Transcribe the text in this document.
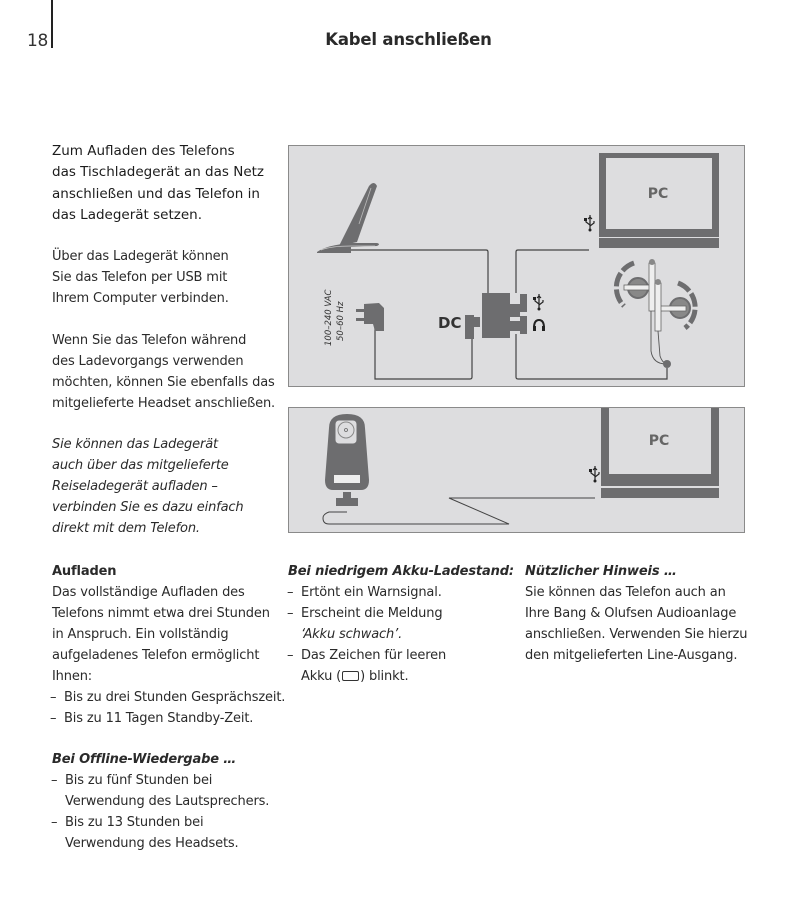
18	Kabel anschließen
Zum Aufladen des Telefons
das Tischladegerät an das Netz
anschließen und das Telefon in
das Ladegerät setzen.
Über das Ladegerät können
Sie das Telefon per USB mit
Ihrem Computer verbinden.
Wenn Sie das Telefon während
des Ladevorgangs verwenden
möchten, können Sie ebenfalls das
mitgelieferte Headset anschließen.
Sie können das Ladegerät
auch über das mitgelieferte
Reiseladegerät aufladen –
verbinden Sie es dazu einfach
direkt mit dem Telefon.
100–240 VAC 50–60 Hz	DC
PC
PC
Aufladen
Das vollständige Aufladen des
Telefons nimmt etwa drei Stunden
in Anspruch. Ein vollständig
aufgeladenes Telefon ermöglicht
Ihnen:
– Bis zu drei Stunden Gesprächszeit.
– Bis zu 11 Tagen Standby-Zeit.
Bei Offline-Wiedergabe …
– Bis zu fünf Stunden bei
Verwendung des Lautsprechers.
– Bis zu 13 Stunden bei
Verwendung des Headsets.
Bei niedrigem Akku-Ladestand:
– Ertönt ein Warnsignal.
– Erscheint die Meldung
‘Akku schwach’.
– Das Zeichen für leeren
Akku ( ) blinkt.
Nützlicher Hinweis …
Sie können das Telefon auch an
Ihre Bang & Olufsen Audioanlage
anschließen. Verwenden Sie hierzu
den mitgelieferten Line-Ausgang.
